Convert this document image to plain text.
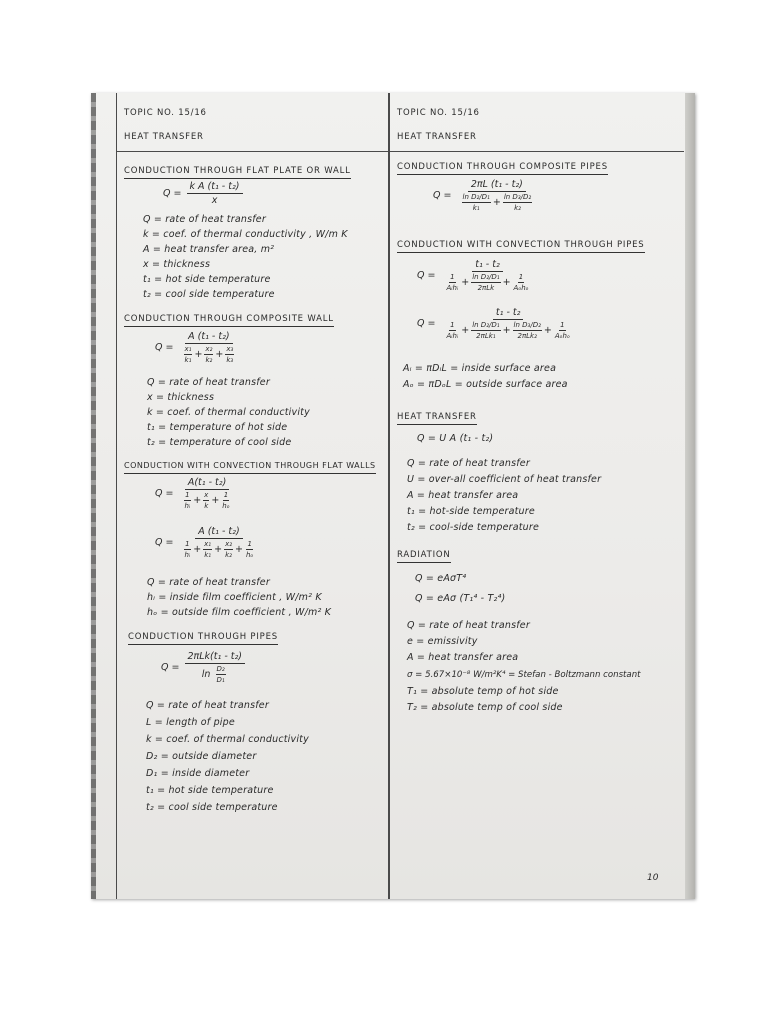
TOPIC NO. 15/16

HEAT TRANSFER

CONDUCTION THROUGH FLAT PLATE OR WALL

$Q = \frac{\text{k A (t₁ - t₂)}}{x}$

Q = rate of heat transfer

k = coef. of thermal conductivity , W/m K

A = heat transfer area, m²

x = thickness

t₁ = hot side temperature

t₂ = cool side temperature

CONDUCTION THROUGH COMPOSITE WALL

$Q = \frac{\text{A (t₁ - t₂)}}{\frac{\text{x₁}}{\text{k₁}} + \frac{\text{x₂}}{\text{k₂}} + \frac{\text{x₃}}{\text{k₃}}}$

Q = rate of heat transfer

x = thickness

k = coef. of thermal conductivity

t₁ = temperature of hot side

t₂ = temperature of cool side

CONDUCTION WITH CONVECTION THROUGH FLAT WALLS

$Q = \frac{\text{A(t₁ - t₂)}}{\frac{1}{\text{hᵢ}} + \frac{x}{k} + \frac{1}{\text{hₒ}}}$
$Q = \frac{\text{A (t₁ - t₂)}}{\frac{1}{\text{hᵢ}} + \frac{\text{x₁}}{\text{k₁}} + \frac{\text{x₂}}{\text{k₂}} + \frac{1}{\text{hₒ}}}$

Q = rate of heat transfer

hᵢ = inside film coefficient , W/m² K

hₒ = outside film coefficient , W/m² K

CONDUCTION THROUGH PIPES

$Q = \frac{\text{2πLk(t₁ - t₂)}}{\ln \frac{\text{D₂}}{\text{D₁}}}$

Q = rate of heat transfer

L = length of pipe

k = coef. of thermal conductivity

D₂ = outside diameter

D₁ = inside diameter

t₁ = hot side temperature

t₂ = cool side temperature

TOPIC NO. 15/16

HEAT TRANSFER

CONDUCTION THROUGH COMPOSITE PIPES

$Q = \frac{\text{2πL (t₁ - t₂)}}{\frac{\text{ln D₂/D₁}}{\text{k₁}} + \frac{\text{ln D₃/D₂}}{\text{k₂}}}$

CONDUCTION WITH CONVECTION THROUGH PIPES

$Q = \frac{\text{t₁ - t₂}}{\frac{1}{\text{Aᵢhᵢ}} + \frac{\text{ln D₂/D₁}}{\text{2πLk}} + \frac{1}{\text{Aₒhₒ}}}$
$Q = \frac{\text{t₁ - t₂}}{\frac{1}{\text{Aᵢhᵢ}} + \frac{\text{ln D₂/D₁}}{\text{2πLk₁}} + \frac{\text{ln D₃/D₂}}{\text{2πLk₂}} + \frac{1}{\text{Aₒhₒ}}}$

Aᵢ = πDᵢL = inside surface area

Aₒ = πDₒL = outside surface area

HEAT TRANSFER

Q = U A (t₁ - t₂)

Q = rate of heat transfer

U = over-all coefficient of heat transfer

A = heat transfer area

t₁ = hot-side temperature

t₂ = cool-side temperature

RADIATION

Q = eAσT⁴

Q = eAσ (T₁⁴ - T₂⁴)

Q = rate of heat transfer

e = emissivity

A = heat transfer area

σ = 5.67×10⁻⁸ W/m²K⁴ = Stefan - Boltzmann constant

T₁ = absolute temp of hot side

T₂ = absolute temp of cool side

10
